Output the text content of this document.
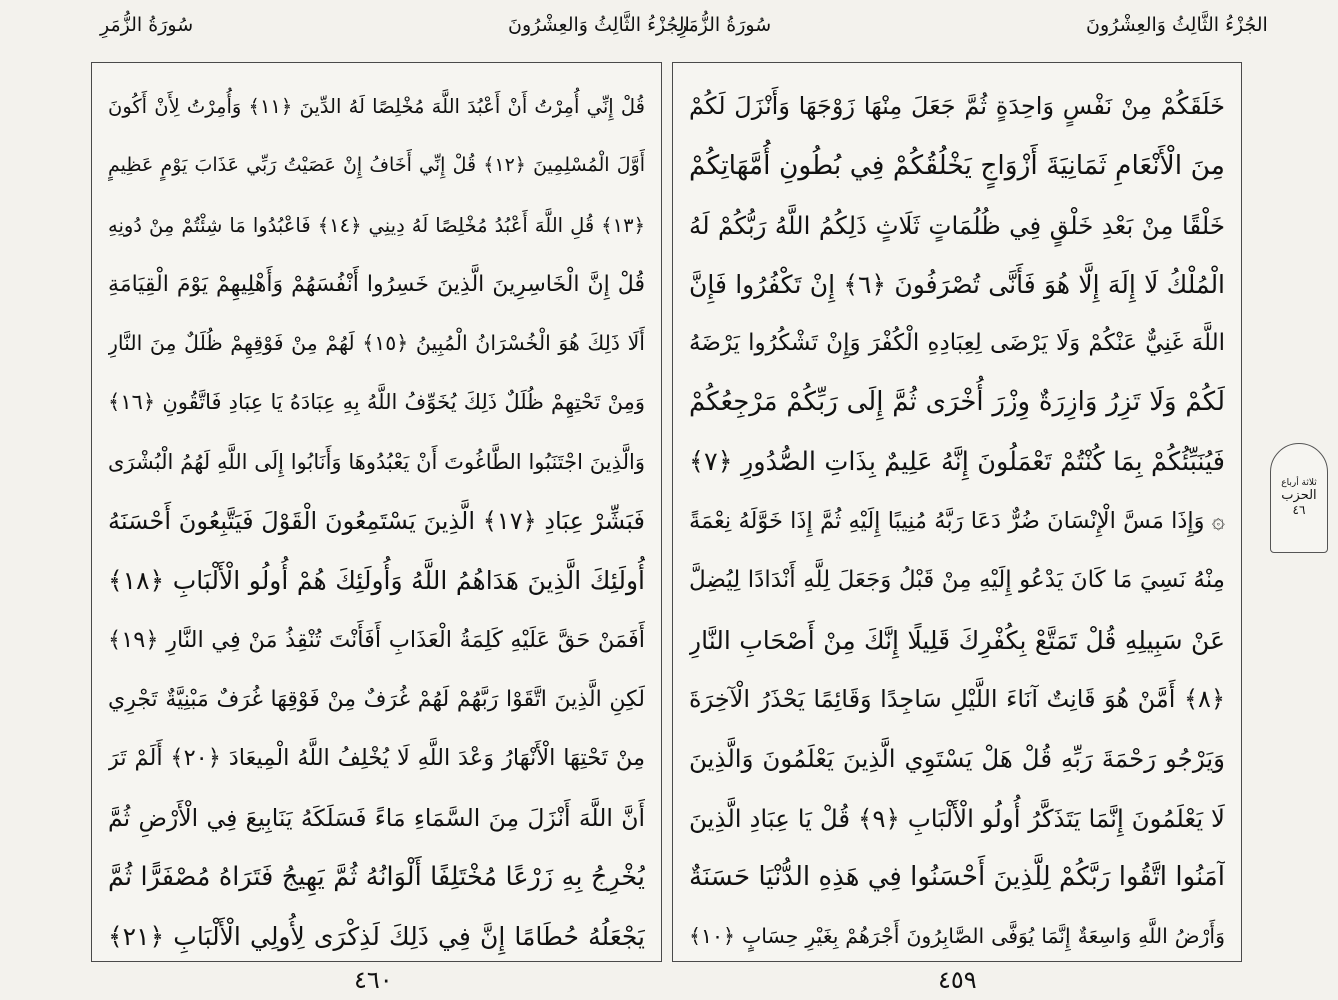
سُورَةُ الزُّمَرِ	الجُزْءُ الثَّالِثُ وَالعِشْرُونَ
قُلْ إِنِّي أُمِرْتُ أَنْ أَعْبُدَ اللَّهَ مُخْلِصًا لَهُ الدِّينَ ﴿١١﴾ وَأُمِرْتُ لِأَنْ أَكُونَ
أَوَّلَ الْمُسْلِمِينَ ﴿١٢﴾ قُلْ إِنِّي أَخَافُ إِنْ عَصَيْتُ رَبِّي عَذَابَ يَوْمٍ عَظِيمٍ
﴿١٣﴾ قُلِ اللَّهَ أَعْبُدُ مُخْلِصًا لَهُ دِينِي ﴿١٤﴾ فَاعْبُدُوا مَا شِئْتُمْ مِنْ دُونِهِ
قُلْ إِنَّ الْخَاسِرِينَ الَّذِينَ خَسِرُوا أَنْفُسَهُمْ وَأَهْلِيهِمْ يَوْمَ الْقِيَامَةِ
أَلَا ذَلِكَ هُوَ الْخُسْرَانُ الْمُبِينُ ﴿١٥﴾ لَهُمْ مِنْ فَوْقِهِمْ ظُلَلٌ مِنَ النَّارِ
وَمِنْ تَحْتِهِمْ ظُلَلٌ ذَلِكَ يُخَوِّفُ اللَّهُ بِهِ عِبَادَهُ يَا عِبَادِ فَاتَّقُونِ ﴿١٦﴾
وَالَّذِينَ اجْتَنَبُوا الطَّاغُوتَ أَنْ يَعْبُدُوهَا وَأَنَابُوا إِلَى اللَّهِ لَهُمُ الْبُشْرَى
فَبَشِّرْ عِبَادِ ﴿١٧﴾ الَّذِينَ يَسْتَمِعُونَ الْقَوْلَ فَيَتَّبِعُونَ أَحْسَنَهُ
أُولَئِكَ الَّذِينَ هَدَاهُمُ اللَّهُ وَأُولَئِكَ هُمْ أُولُو الْأَلْبَابِ ﴿١٨﴾
أَفَمَنْ حَقَّ عَلَيْهِ كَلِمَةُ الْعَذَابِ أَفَأَنْتَ تُنْقِذُ مَنْ فِي النَّارِ ﴿١٩﴾
لَكِنِ الَّذِينَ اتَّقَوْا رَبَّهُمْ لَهُمْ غُرَفٌ مِنْ فَوْقِهَا غُرَفٌ مَبْنِيَّةٌ تَجْرِي
مِنْ تَحْتِهَا الْأَنْهَارُ وَعْدَ اللَّهِ لَا يُخْلِفُ اللَّهُ الْمِيعَادَ ﴿٢٠﴾ أَلَمْ تَرَ
أَنَّ اللَّهَ أَنْزَلَ مِنَ السَّمَاءِ مَاءً فَسَلَكَهُ يَنَابِيعَ فِي الْأَرْضِ ثُمَّ
يُخْرِجُ بِهِ زَرْعًا مُخْتَلِفًا أَلْوَانُهُ ثُمَّ يَهِيجُ فَتَرَاهُ مُصْفَرًّا ثُمَّ
يَجْعَلُهُ حُطَامًا إِنَّ فِي ذَلِكَ لَذِكْرَى لِأُولِي الْأَلْبَابِ ﴿٢١﴾
٤٦٠
سُورَةُ الزُّمَرِ	الجُزْءُ الثَّالِثُ وَالعِشْرُونَ
خَلَقَكُمْ مِنْ نَفْسٍ وَاحِدَةٍ ثُمَّ جَعَلَ مِنْهَا زَوْجَهَا وَأَنْزَلَ لَكُمْ
مِنَ الْأَنْعَامِ ثَمَانِيَةَ أَزْوَاجٍ يَخْلُقُكُمْ فِي بُطُونِ أُمَّهَاتِكُمْ
خَلْقًا مِنْ بَعْدِ خَلْقٍ فِي ظُلُمَاتٍ ثَلَاثٍ ذَلِكُمُ اللَّهُ رَبُّكُمْ لَهُ
الْمُلْكُ لَا إِلَهَ إِلَّا هُوَ فَأَنَّى تُصْرَفُونَ ﴿٦﴾ إِنْ تَكْفُرُوا فَإِنَّ
اللَّهَ غَنِيٌّ عَنْكُمْ وَلَا يَرْضَى لِعِبَادِهِ الْكُفْرَ وَإِنْ تَشْكُرُوا يَرْضَهُ
لَكُمْ وَلَا تَزِرُ وَازِرَةٌ وِزْرَ أُخْرَى ثُمَّ إِلَى رَبِّكُمْ مَرْجِعُكُمْ
فَيُنَبِّئُكُمْ بِمَا كُنْتُمْ تَعْمَلُونَ إِنَّهُ عَلِيمٌ بِذَاتِ الصُّدُورِ ﴿٧﴾
۞ وَإِذَا مَسَّ الْإِنْسَانَ ضُرٌّ دَعَا رَبَّهُ مُنِيبًا إِلَيْهِ ثُمَّ إِذَا خَوَّلَهُ نِعْمَةً
مِنْهُ نَسِيَ مَا كَانَ يَدْعُو إِلَيْهِ مِنْ قَبْلُ وَجَعَلَ لِلَّهِ أَنْدَادًا لِيُضِلَّ
عَنْ سَبِيلِهِ قُلْ تَمَتَّعْ بِكُفْرِكَ قَلِيلًا إِنَّكَ مِنْ أَصْحَابِ النَّارِ
﴿٨﴾ أَمَّنْ هُوَ قَانِتٌ آنَاءَ اللَّيْلِ سَاجِدًا وَقَائِمًا يَحْذَرُ الْآخِرَةَ
وَيَرْجُو رَحْمَةَ رَبِّهِ قُلْ هَلْ يَسْتَوِي الَّذِينَ يَعْلَمُونَ وَالَّذِينَ
لَا يَعْلَمُونَ إِنَّمَا يَتَذَكَّرُ أُولُو الْأَلْبَابِ ﴿٩﴾ قُلْ يَا عِبَادِ الَّذِينَ
آمَنُوا اتَّقُوا رَبَّكُمْ لِلَّذِينَ أَحْسَنُوا فِي هَذِهِ الدُّنْيَا حَسَنَةٌ
وَأَرْضُ اللَّهِ وَاسِعَةٌ إِنَّمَا يُوَفَّى الصَّابِرُونَ أَجْرَهُمْ بِغَيْرِ حِسَابٍ ﴿١٠﴾
٤٥٩
ثلاثة أرباع
الحزب
٤٦
